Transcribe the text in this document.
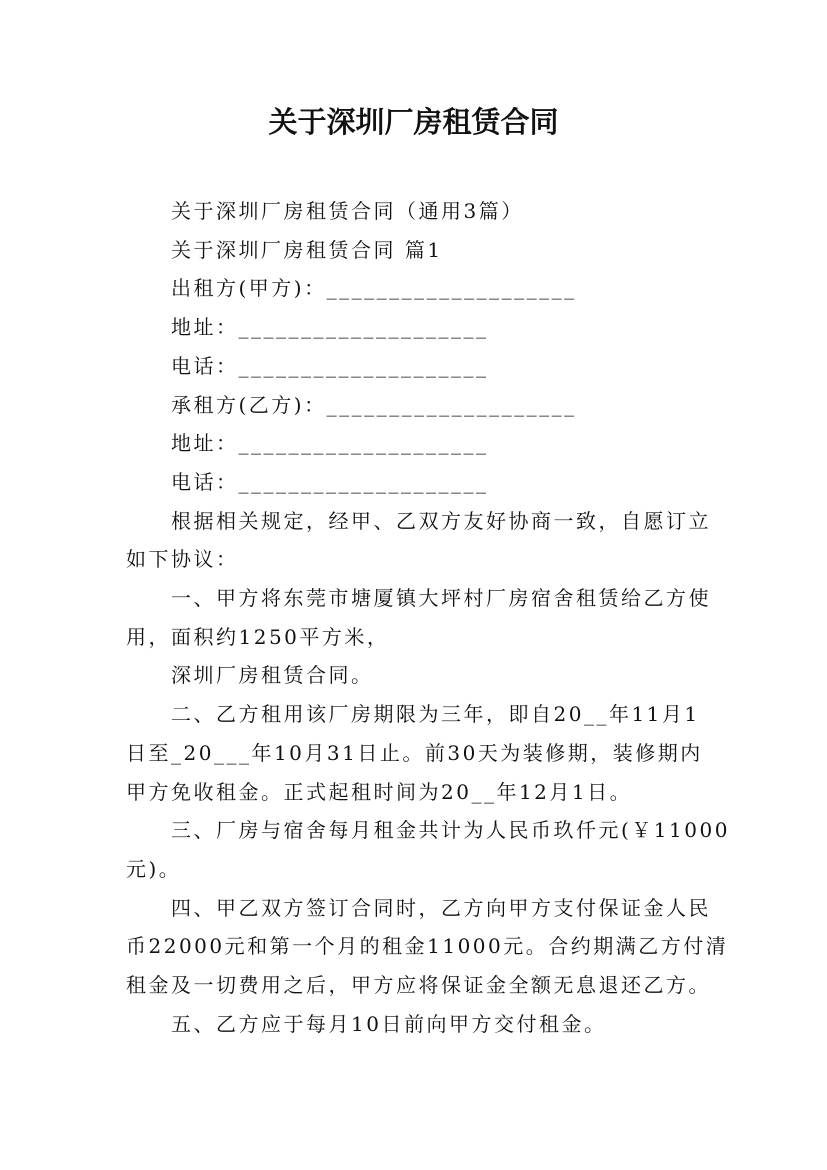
关于深圳厂房租赁合同
关于深圳厂房租赁合同（通用3篇）
关于深圳厂房租赁合同 篇1
出租方(甲方)：____________________
地址：____________________
电话：____________________
承租方(乙方)：____________________
地址：____________________
电话：____________________
根据相关规定，经甲、乙双方友好协商一致，自愿订立
如下协议：
一、甲方将东莞市塘厦镇大坪村厂房宿舍租赁给乙方使
用，面积约1250平方米，
深圳厂房租赁合同。
二、乙方租用该厂房期限为三年，即自20__年11月1
日至_20___年10月31日止。前30天为装修期，装修期内
甲方免收租金。正式起租时间为20__年12月1日。
三、厂房与宿舍每月租金共计为人民币玖仟元(￥11000
元)。
四、甲乙双方签订合同时，乙方向甲方支付保证金人民
币22000元和第一个月的租金11000元。合约期满乙方付清
租金及一切费用之后，甲方应将保证金全额无息退还乙方。
五、乙方应于每月10日前向甲方交付租金。
